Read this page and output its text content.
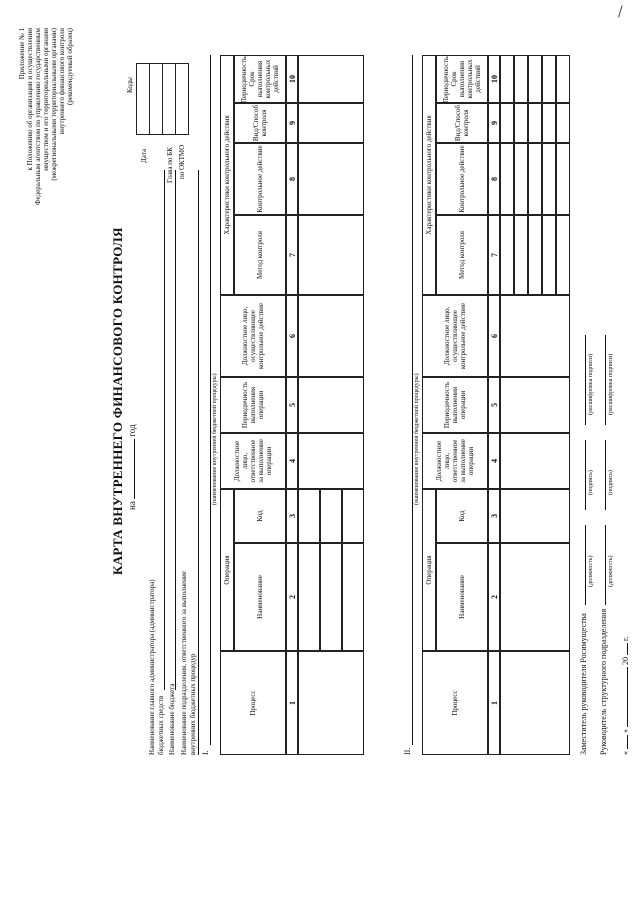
/
Приложение № 1 к Положению об организации и осуществлении Федеральным агентством по управлению государственным имуществом и его территориальными органами (межрегиональными территориальными органами) внутреннего финансового контроля (рекомендуемый образец)
КАРТА ВНУТРЕННЕГО ФИНАНСОВОГО КОНТРОЛЯ на  год
Коды
Дата	Глава по БК по ОКТМО
Наименование главного администратора (администратора) бюджетных средств Наименование бюджета Наименование подразделения, ответственного за выполнение внутренних бюджетных процедур I.
(наименование внутренней бюджетной процедуры)
Процесс
Операция
Наименование
Код
Должностное лицо, ответственное за выполнение операции
Периодичность выполнения операции
Должностное лицо, осуществляющее контрольное действие
Характеристики контрольного действия
Метод контроля
Контрольное действие
Вид/Способ контроля
Периодичность/Срок выполнения контрольных действий
1
2
3
4
5
6
7
8
9
10
II.
(наименование внутренней бюджетной процедуры)
Процесс
Операция
Наименование
Код
Должностное лицо, ответственное за выполнение операции
Периодичность выполнения операции
Должностное лицо, осуществляющее контрольное действие
Характеристики контрольного действия
Метод контроля
Контрольное действие
Вид/Способ контроля
Периодичность/Срок выполнения контрольных действий
1
2
3
4
5
6
7
8
9
10
Заместитель руководителя Росимущества
(должность)
(подпись)
(расшифровка подписи)
Руководитель структурного подразделения
(должность)
(подпись)
(расшифровка подписи)
«  »  20  г.
